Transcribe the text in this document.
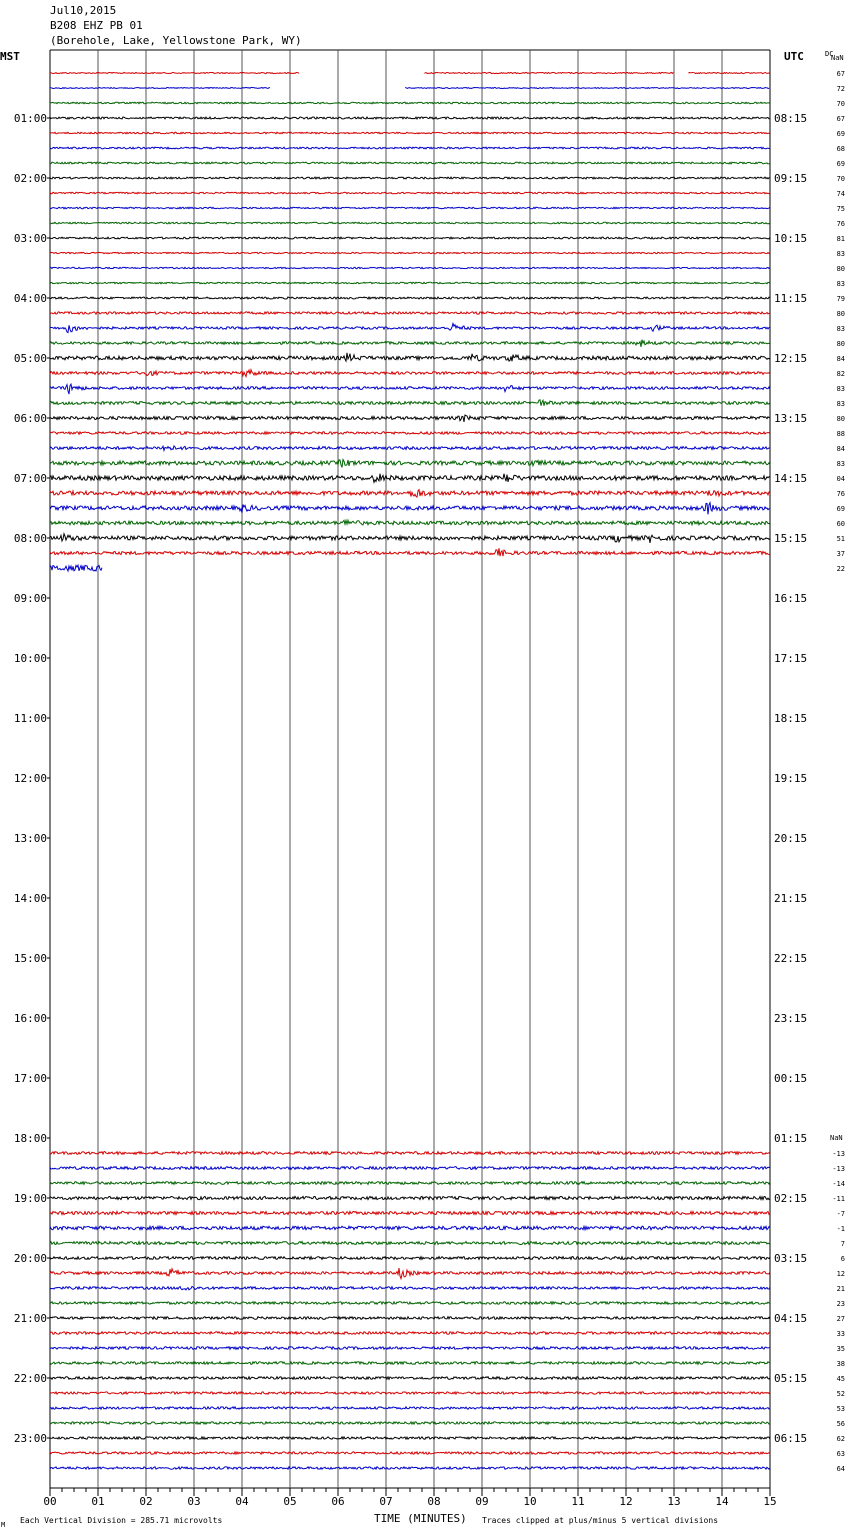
Jul10,2015
B208 EHZ PB 01
(Borehole, Lake, Yellowstone Park, WY)
MST	UTC
00	01	02	03	04	05	06	07	08	09	10	11	12	13	14	15
01:00
02:00
03:00
04:00
05:00
06:00
07:00
08:00
09:00
10:00
11:00
12:00
13:00
14:00
15:00
16:00
17:00
18:00
19:00
20:00
21:00
22:00
23:00
08:15
09:15
10:15
11:15
12:15
13:15
14:15
15:15
16:15
17:15
18:15
19:15
20:15
21:15
22:15
23:15
00:15
01:15
02:15
03:15
04:15
05:15
06:15
67
72
70
67
69
68
69
70
74
75
76
81
83
80
83
79
80
83
80
84
82
83
83
80
88
84
83
04
76
69
60
51
37
22
-13
-13
-14
-11
-7
-1
7
6
12
21
23
27
33
35
38
45
52
53
56
62
63
64
DC
NaN
NaN
TIME (MINUTES)
Each Vertical Division = 285.71 microvolts	Traces clipped at plus/minus 5 vertical divisions
M
